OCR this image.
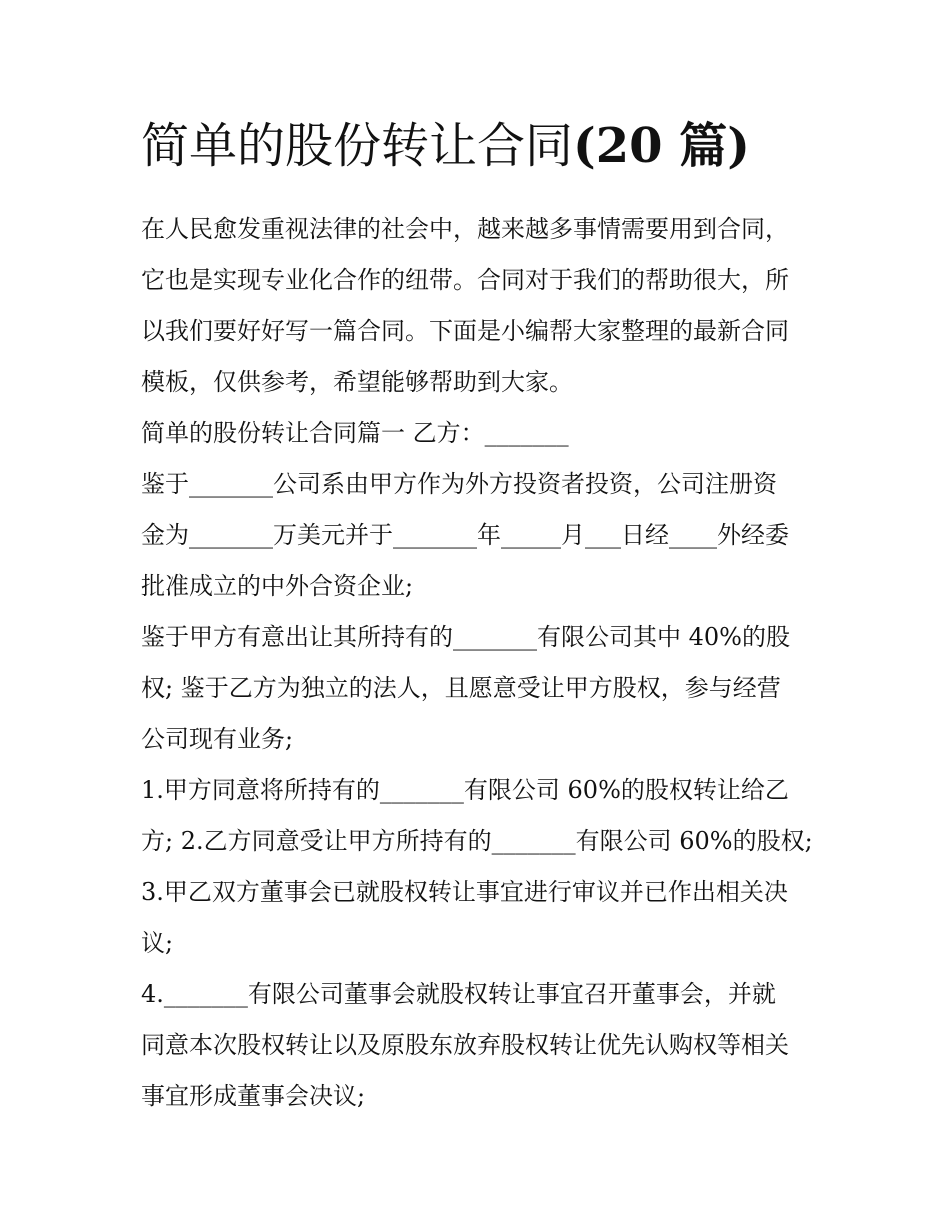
简单的股份转让合同(20 篇)

在人民愈发重视法律的社会中，越来越多事情需要用到合同，
它也是实现专业化合作的纽带。合同对于我们的帮助很大，所
以我们要好好写一篇合同。下面是小编帮大家整理的最新合同
模板，仅供参考，希望能够帮助到大家。

简单的股份转让合同篇一 乙方：_______

鉴于_______公司系由甲方作为外方投资者投资，公司注册资
金为_______万美元并于_______年_____月___日经____外经委
批准成立的中外合资企业;

鉴于甲方有意出让其所持有的_______有限公司其中 40%的股
权; 鉴于乙方为独立的法人，且愿意受让甲方股权，参与经营
公司现有业务;

1.甲方同意将所持有的_______有限公司 60%的股权转让给乙
方; 2.乙方同意受让甲方所持有的_______有限公司 60%的股权;

3.甲乙双方董事会已就股权转让事宜进行审议并已作出相关决
议;

4._______有限公司董事会就股权转让事宜召开董事会，并就
同意本次股权转让以及原股东放弃股权转让优先认购权等相关
事宜形成董事会决议;
